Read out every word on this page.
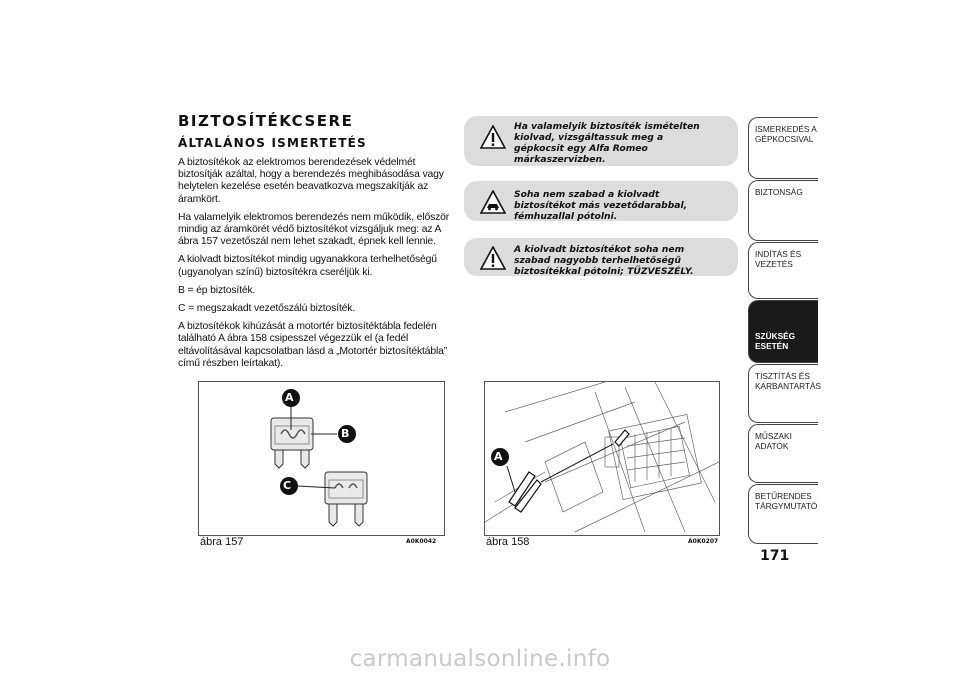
BIZTOSÍTÉKCSERE
ÁLTALÁNOS ISMERTETÉS

A biztosítékok az elektromos berendezések védelmét biztosítják azáltal, hogy a berendezés meghibásodása vagy helytelen kezelése esetén beavatkozva megszakítják az áramkört.

Ha valamelyik elektromos berendezés nem működik, először mindig az áramkörét védő biztosítékot vizsgáljuk meg: az A ábra 157 vezetőszál nem lehet szakadt, épnek kell lennie.

A kiolvadt biztosítékot mindig ugyanakkora terhelhetőségű (ugyanolyan színű) biztosítékra cseréljük ki.

B = ép biztosíték.

C = megszakadt vezetőszálú biztosíték.

A biztosítékok kihúzását a motortér biztosítéktábla fedelén található A ábra 158 csipesszel végezzük el (a fedél eltávolításával kapcsolatban lásd a „Motortér biztosítéktábla” című részben leírtakat).

Ha valamelyik biztosíték ismételten kiolvad, vizsgáltassuk meg a gépkocsit egy Alfa Romeo márkaszervizben.
Soha nem szabad a kiolvadt biztosítékot más vezetődarabbal, fémhuzallal pótolni.
A kiolvadt biztosítékot soha nem szabad nagyobb terhelhetőségű biztosítékkal pótolni; TŰZVESZÉLY.
A
B
C
ábra 157	A0K0042
A
ábra 158	A0K0207
ISMERKEDÉS A GÉPKOCSIVAL
BIZTONSÁG
INDÍTÁS ÉS VEZETÉS
SZÜKSÉG ESETÉN
TISZTÍTÁS ÉS KARBANTARTÁS
MŰSZAKI ADATOK
BETŰRENDES TÁRGYMUTATÓ
171
carmanualsonline.info
